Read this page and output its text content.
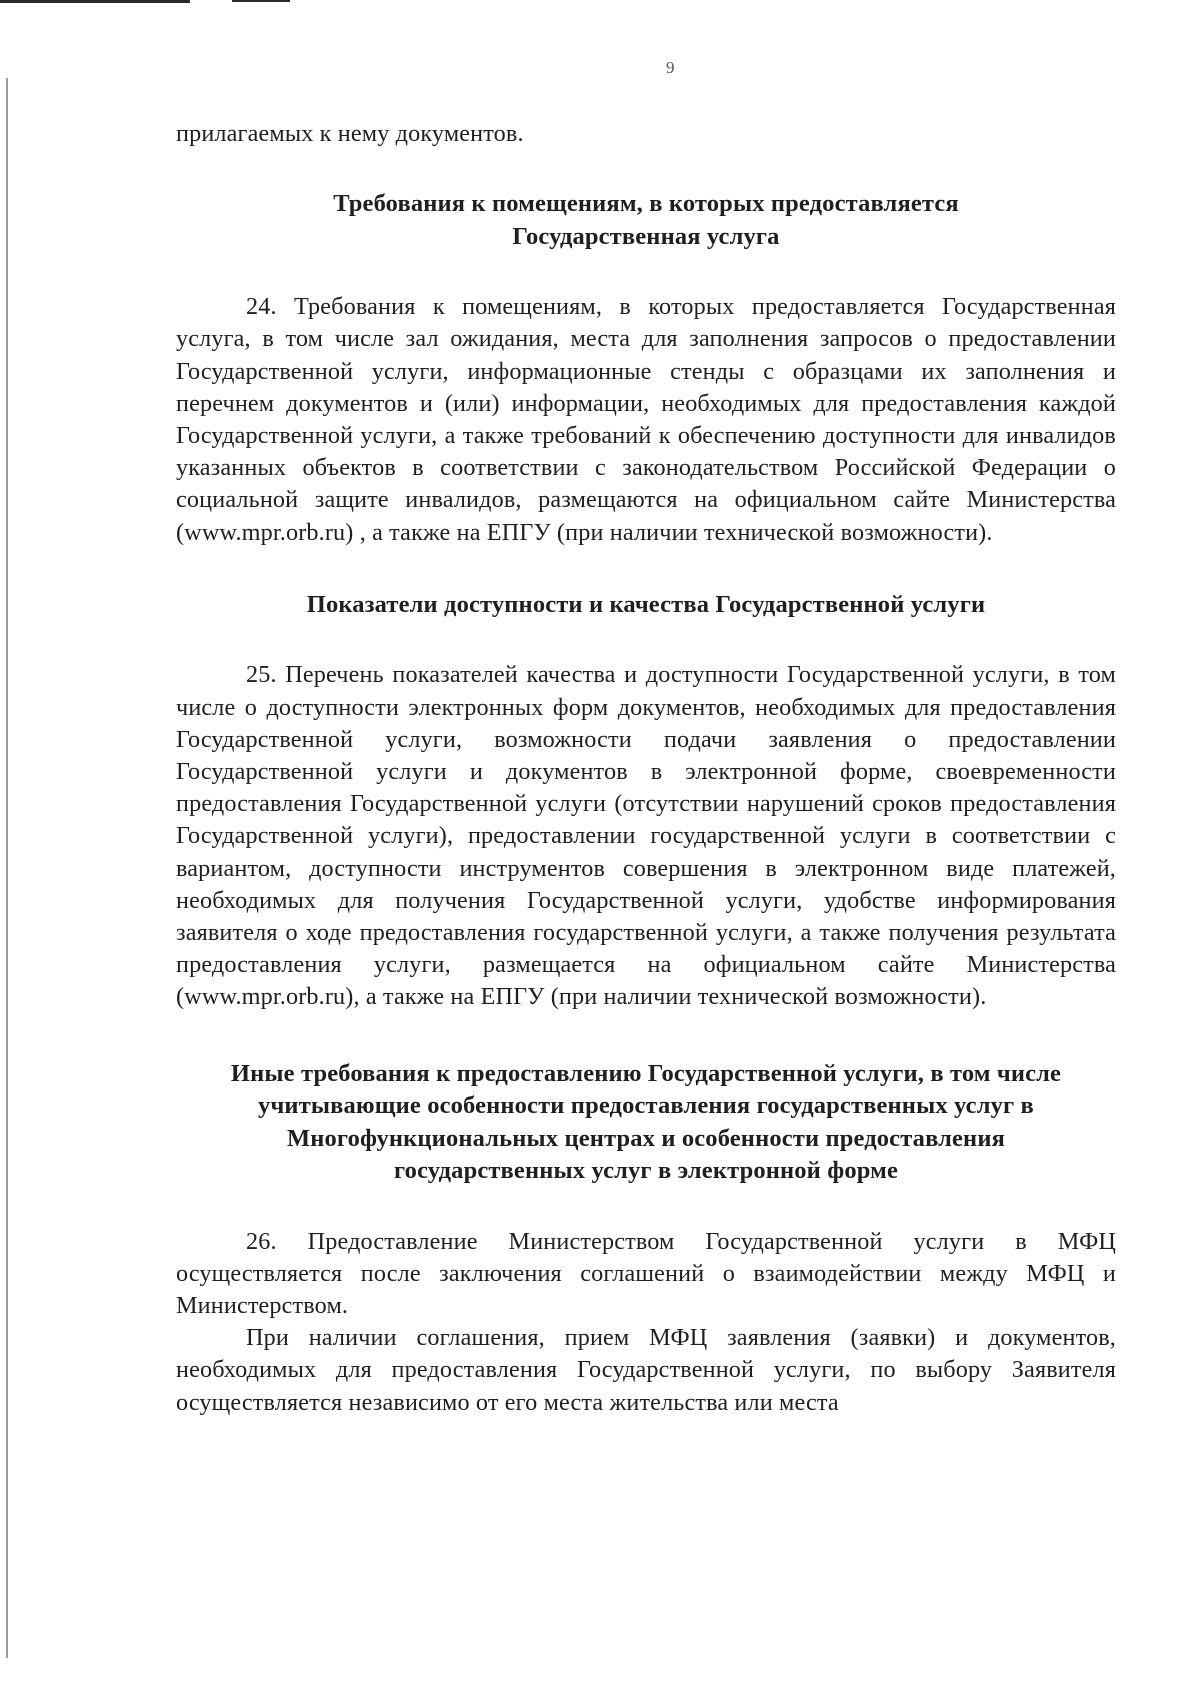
9

прилагаемых к нему документов.

Требования к помещениям, в которых предоставляется Государственная услуга

24. Требования к помещениям, в которых предоставляется Государственная услуга, в том числе зал ожидания, места для заполнения запросов о предоставлении Государственной услуги, информационные стенды с образцами их заполнения и перечнем документов и (или) информации, необходимых для предоставления каждой Государственной услуги, а также требований к обеспечению доступности для инвалидов указанных объектов в соответствии с законодательством Российской Федерации о социальной защите инвалидов, размещаются на официальном сайте Министерства (www.mpr.orb.ru) , а также на ЕПГУ (при наличии технической возможности).

Показатели доступности и качества Государственной услуги

25. Перечень показателей качества и доступности Государственной услуги, в том числе о доступности электронных форм документов, необходимых для предоставления Государственной услуги, возможности подачи заявления о предоставлении Государственной услуги и документов в электронной форме, своевременности предоставления Государственной услуги (отсутствии нарушений сроков предоставления Государственной услуги), предоставлении государственной услуги в соответствии с вариантом, доступности инструментов совершения в электронном виде платежей, необходимых для получения Государственной услуги, удобстве информирования заявителя о ходе предоставления государственной услуги, а также получения результата предоставления услуги, размещается на официальном сайте Министерства (www.mpr.orb.ru), а также на ЕПГУ (при наличии технической возможности).

Иные требования к предоставлению Государственной услуги, в том числе учитывающие особенности предоставления государственных услуг в Многофункциональных центрах и особенности предоставления государственных услуг в электронной форме

26. Предоставление Министерством Государственной услуги в МФЦ осуществляется после заключения соглашений о взаимодействии между МФЦ и Министерством.

При наличии соглашения, прием МФЦ заявления (заявки) и документов, необходимых для предоставления Государственной услуги, по выбору Заявителя осуществляется независимо от его места жительства или места
